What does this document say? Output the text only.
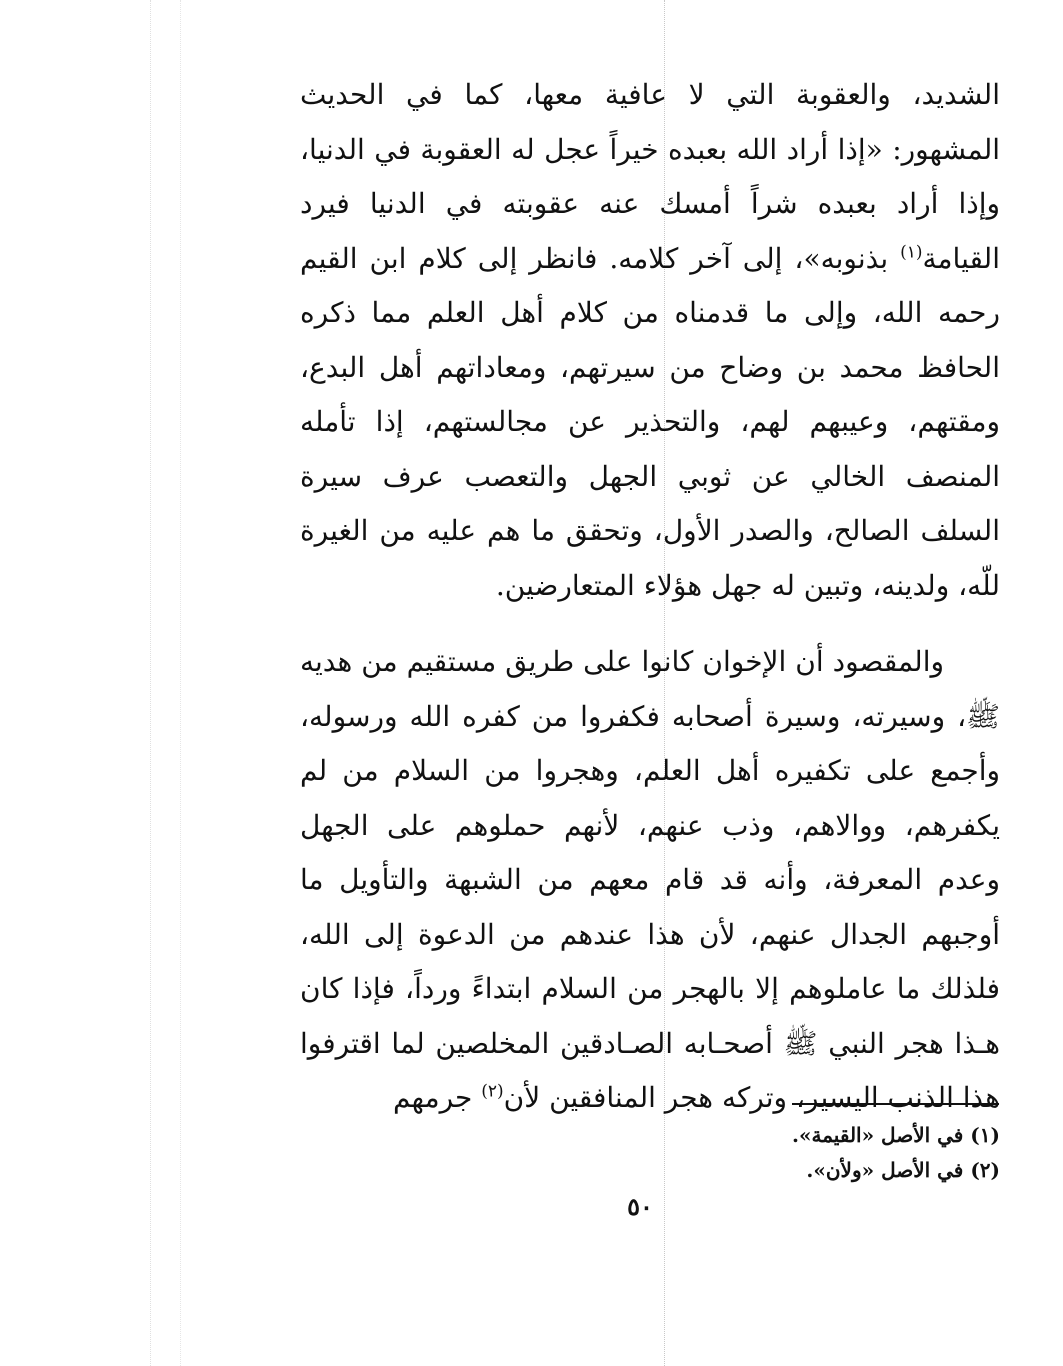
الشديد، والعقوبة التي لا عافية معها، كما في الحديث المشهور: «إذا أراد الله بعبده خيراً عجل له العقوبة في الدنيا، وإذا أراد بعبده شراً أمسك عنه عقوبته في الدنيا فيرد القيامة$^{(١)}$ بذنوبه»، إلى آخر كلامه. فانظر إلى كلام ابن القيم رحمه الله، وإلى ما قدمناه من كلام أهل العلم مما ذكره الحافظ محمد بن وضاح من سيرتهم، ومعاداتهم أهل البدع، ومقتهم، وعيبهم لهم، والتحذير عن مجالستهم، إذا تأمله المنصف الخالي عن ثوبي الجهل والتعصب عرف سيرة السلف الصالح، والصدر الأول، وتحقق ما هم عليه من الغيرة للّه، ولدينه، وتبين له جهل هؤلاء المتعارضين.

والمقصود أن الإخوان كانوا على طريق مستقيم من هديه ﷺ، وسيرته، وسيرة أصحابه فكفروا من كفره الله ورسوله، وأجمع على تكفيره أهل العلم، وهجروا من السلام من لم يكفرهم، ووالاهم، وذب عنهم، لأنهم حملوهم على الجهل وعدم المعرفة، وأنه قد قام معهم من الشبهة والتأويل ما أوجبهم الجدال عنهم، لأن هذا عندهم من الدعوة إلى الله، فلذلك ما عاملوهم إلا بالهجر من السلام ابتداءً ورداً، فإذا كان هـذا هجر النبي ﷺ أصحـابه الصـادقين المخلصين لما اقترفوا هذا الذنب اليسير، وتركه هجر المنافقين لأن$^{(٢)}$ جرمهم

(١) في الأصل «القيمة».

(٢) في الأصل «ولأن».

٥٠
